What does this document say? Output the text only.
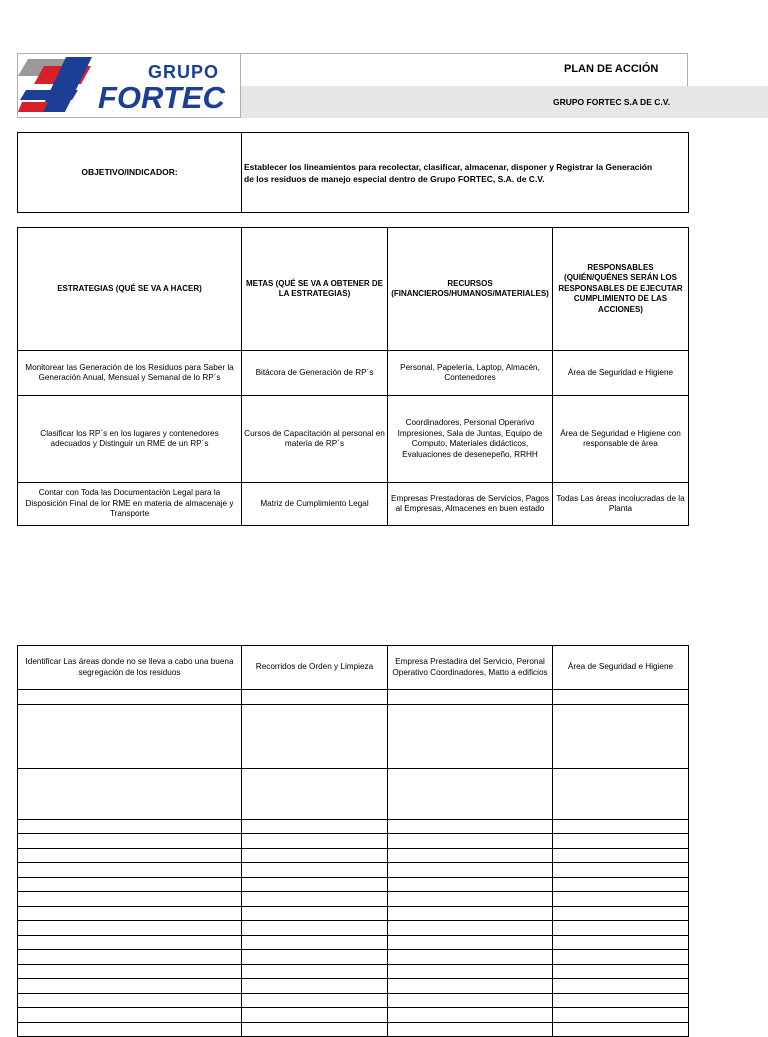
GRUPO
FORTEC
PLAN DE ACCIÓN
GRUPO FORTEC S.A DE C.V.
OBJETIVO/INDICADOR:	
Establecer los lineamientos para recolectar, clasificar, almacenar, disponer y Registrar la Generación
de los residuos de manejo especial dentro de Grupo FORTEC, S.A. de C.V.
ESTRATEGIAS (QUÉ SE VA A HACER)	METAS (QUÉ SE VA A OBTENER DE LA ESTRATEGIAS)	RECURSOS (FINANCIEROS/HUMANOS/MATERIALES)	RESPONSABLES (QUIÉN/QUÉNES SERÁN LOS RESPONSABLES DE EJECUTAR CUMPLIMIENTO DE LAS ACCIONES)
Monitorear las Generación de los Residuos para Saber la Generación Anual, Mensual y Semanal de lo RP´s	Bitácora de Generación de RP´s	Personal, Papelería, Laptop, Almacén, Contenedores	Área de Seguridad e Higiene
Clasificar los RP´s en los lugares y contenedores adecuados y Distinguir un RME de un RP´s	Cursos de Capacitación al personal en materia de RP´s	Coordinadores, Personal Operarivo Impresiones, Sala de Juntas, Equipo de Computo, Materiales didácticos, Evaluaciones de desenepeño, RRHH	Área de Seguridad e Higiene con responsable de área
Contar con Toda las Documentación Legal para la Disposición Final de lor RME en materia de almacenaje y Transporte	Matriz de Cumplimiento Legal	Empresas Prestadoras de Servicios, Pagos al Empresas, Almacenes en buen estado	Todas Las áreas incolucradas de la Planta
Identificar Las áreas donde no se lleva a cabo una buena segregación de los residuos	Recorridos de Orden y Limpieza	Empresa Prestadira del Servicio, Peronal Operativo Coordinadores, Matto a edificios	Área de Seguridad e Higiene
